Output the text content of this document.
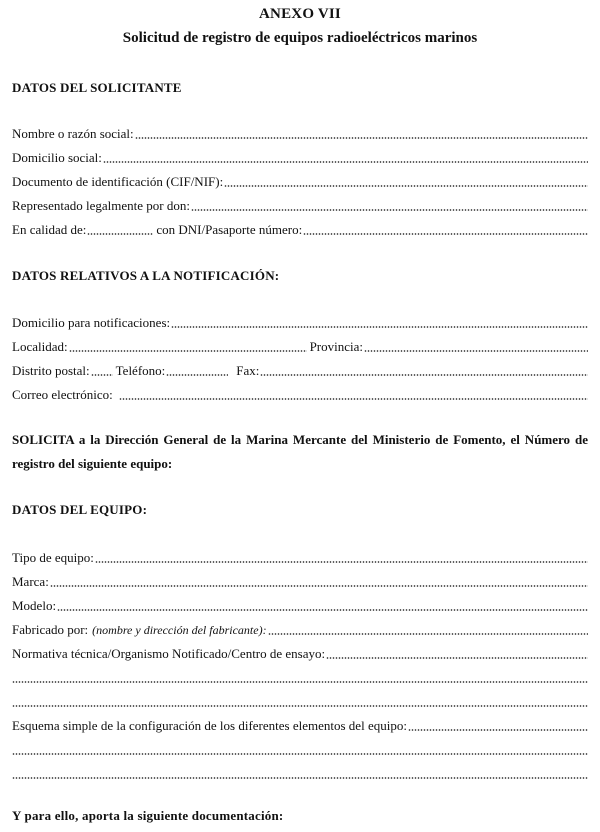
ANEXO VII
Solicitud de registro de equipos radioeléctricos marinos
DATOS DEL SOLICITANTE
Nombre o razón social:
Domicilio social:
Documento de identificación (CIF/NIF):
Representado legalmente por don:
En calidad de:	con DNI/Pasaporte número:
DATOS RELATIVOS A LA NOTIFICACIÓN:
Domicilio para notificaciones:
Localidad:	Provincia:
Distrito postal: Teléfono:	Fax:
Correo electrónico:
SOLICITA a la Dirección General de la Marina Mercante del Ministerio de Fomento, el Número de
registro del siguiente equipo:
DATOS DEL EQUIPO:
Tipo de equipo:
Marca:
Modelo:
Fabricado por: (nombre y dirección del fabricante):
Normativa técnica/Organismo Notificado/Centro de ensayo:
Esquema simple de la configuración de los diferentes elementos del equipo:
Y para ello, aporta la siguiente documentación:
